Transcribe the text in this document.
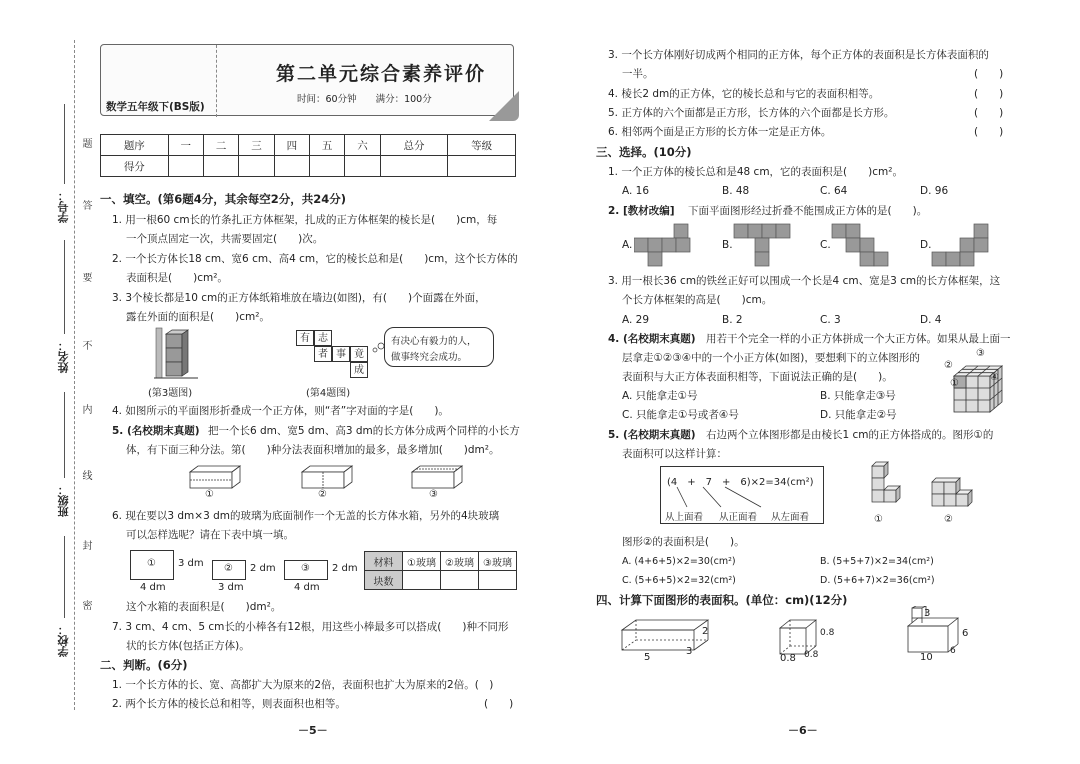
题
答
要
不
内
线
封
密
学号：
姓名：
班级：
学校：
第二单元综合素养评价
时间：60分钟　　满分：100分
数学五年级下(BS版)
题序	一	二	三	四	五	六	总分	等级
得分								
一、填空。(第6题4分，其余每空2分，共24分)
1. 用一根60 cm长的竹条扎正方体框架，扎成的正方体框架的棱长是(　　)cm，每
一个顶点固定一次，共需要固定(　　)次。
2. 一个长方体长18 cm、宽6 cm、高4 cm，它的棱长总和是(　　)cm，这个长方体的
表面积是(　　)cm²。
3. 3个棱长都是10 cm的正方体纸箱堆放在墙边(如图)，有(　　)个面露在外面，
露在外面的面积是(　　)cm²。
(第3题图)
有 志
者 事 竟
成
有决心有毅力的人，
做事终究会成功。
(第4题图)
4. 如图所示的平面图形折叠成一个正方体，则“者”字对面的字是(　　)。
5. (名校期末真题) 把一个长6 dm、宽5 dm、高3 dm的长方体分成两个同样的小长方
体，有下面三种分法。第(　　)种分法表面积增加的最多，最多增加(　　)dm²。
①	②	③
6. 现在要以3 dm×3 dm的玻璃为底面制作一个无盖的长方体水箱，另外的4块玻璃
可以怎样选呢？请在下表中填一填。
① 3 dm
4 dm
② 2 dm
3 dm
③ 2 dm
4 dm
材料	①玻璃	②玻璃	③玻璃
块数			
这个水箱的表面积是(　　)dm²。
7. 3 cm、4 cm、5 cm长的小棒各有12根，用这些小棒最多可以搭成(　　)种不同形
状的长方体(包括正方体)。
二、判断。(6分)
1. 一个长方体的长、宽、高都扩大为原来的2倍，表面积也扩大为原来的2倍。(　)
2. 两个长方体的棱长总和相等，则表面积也相等。	(　　)
－5－
3. 一个长方体刚好切成两个相同的正方体，每个正方体的表面积是长方体表面积的
一半。	(　　)
4. 棱长2 dm的正方体，它的棱长总和与它的表面积相等。	(　　)
5. 正方体的六个面都是正方形，长方体的六个面都是长方形。	(　　)
6. 相邻两个面是正方形的长方体一定是正方体。	(　　)
三、选择。(10分)
1. 一个正方体的棱长总和是48 cm，它的表面积是(　　)cm²。
A. 16	B. 48	C. 64	D. 96
2. [教材改编] 下面平面图形经过折叠不能围成正方体的是(　　)。
A.	B.	C.	D.
3. 用一根长36 cm的铁丝正好可以围成一个长是4 cm、宽是3 cm的长方体框架，这
个长方体框架的高是(　　)cm。
A. 29	B. 2	C. 3	D. 4
4. (名校期末真题) 用若干个完全一样的小正方体拼成一个大正方体。如果从最上面一
层拿走①②③④中的一个小正方体(如图)，要想剩下的立体图形的
表面积与大正方体表面积相等，下面说法正确的是(　　)。
A. 只能拿走①号	B. 只能拿走③号
C. 只能拿走①号或者④号	D. 只能拿走②号
②
③
①
④
5. (名校期末真题) 右边两个立体图形都是由棱长1 cm的正方体搭成的。图形①的
表面积可以这样计算：
(4　+　7　+　6)×2=34(cm²)
从上面看 从正面看 从左面看	①	②
图形②的表面积是(　　)。
A. (4+6+5)×2=30(cm²)	B. (5+5+7)×2=34(cm²)
C. (5+6+5)×2=32(cm²)	D. (5+6+7)×2=36(cm²)
四、计算下面图形的表面积。(单位：cm)(12分)
5
3
2
0.8 0.8
0.8
3
6
10
6
－6－
